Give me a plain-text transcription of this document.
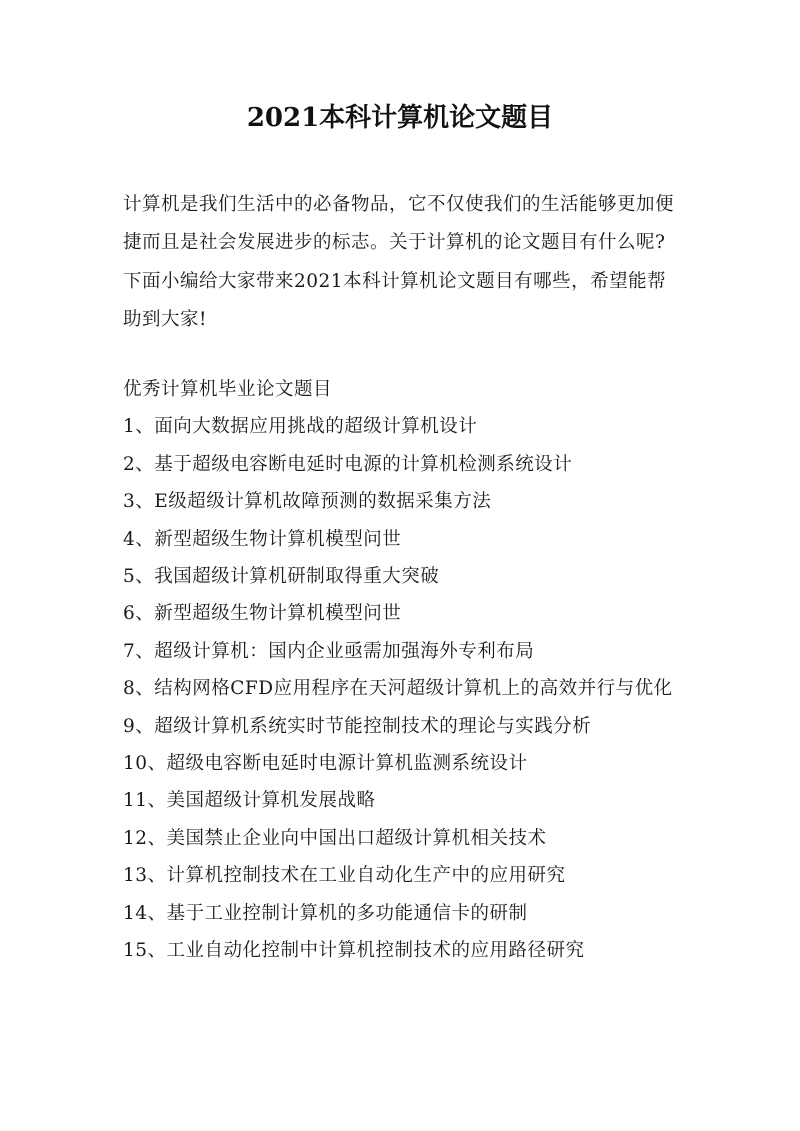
2021本科计算机论文题目

计算机是我们生活中的必备物品，它不仅使我们的生活能够更加便捷而且是社会发展进步的标志。关于计算机的论文题目有什么呢?下面小编给大家带来2021本科计算机论文题目有哪些，希望能帮助到大家!

优秀计算机毕业论文题目

1、面向大数据应用挑战的超级计算机设计
2、基于超级电容断电延时电源的计算机检测系统设计
3、E级超级计算机故障预测的数据采集方法
4、新型超级生物计算机模型问世
5、我国超级计算机研制取得重大突破
6、新型超级生物计算机模型问世
7、超级计算机：国内企业亟需加强海外专利布局
8、结构网格CFD应用程序在天河超级计算机上的高效并行与优化
9、超级计算机系统实时节能控制技术的理论与实践分析
10、超级电容断电延时电源计算机监测系统设计
11、美国超级计算机发展战略
12、美国禁止企业向中国出口超级计算机相关技术
13、计算机控制技术在工业自动化生产中的应用研究
14、基于工业控制计算机的多功能通信卡的研制
15、工业自动化控制中计算机控制技术的应用路径研究
